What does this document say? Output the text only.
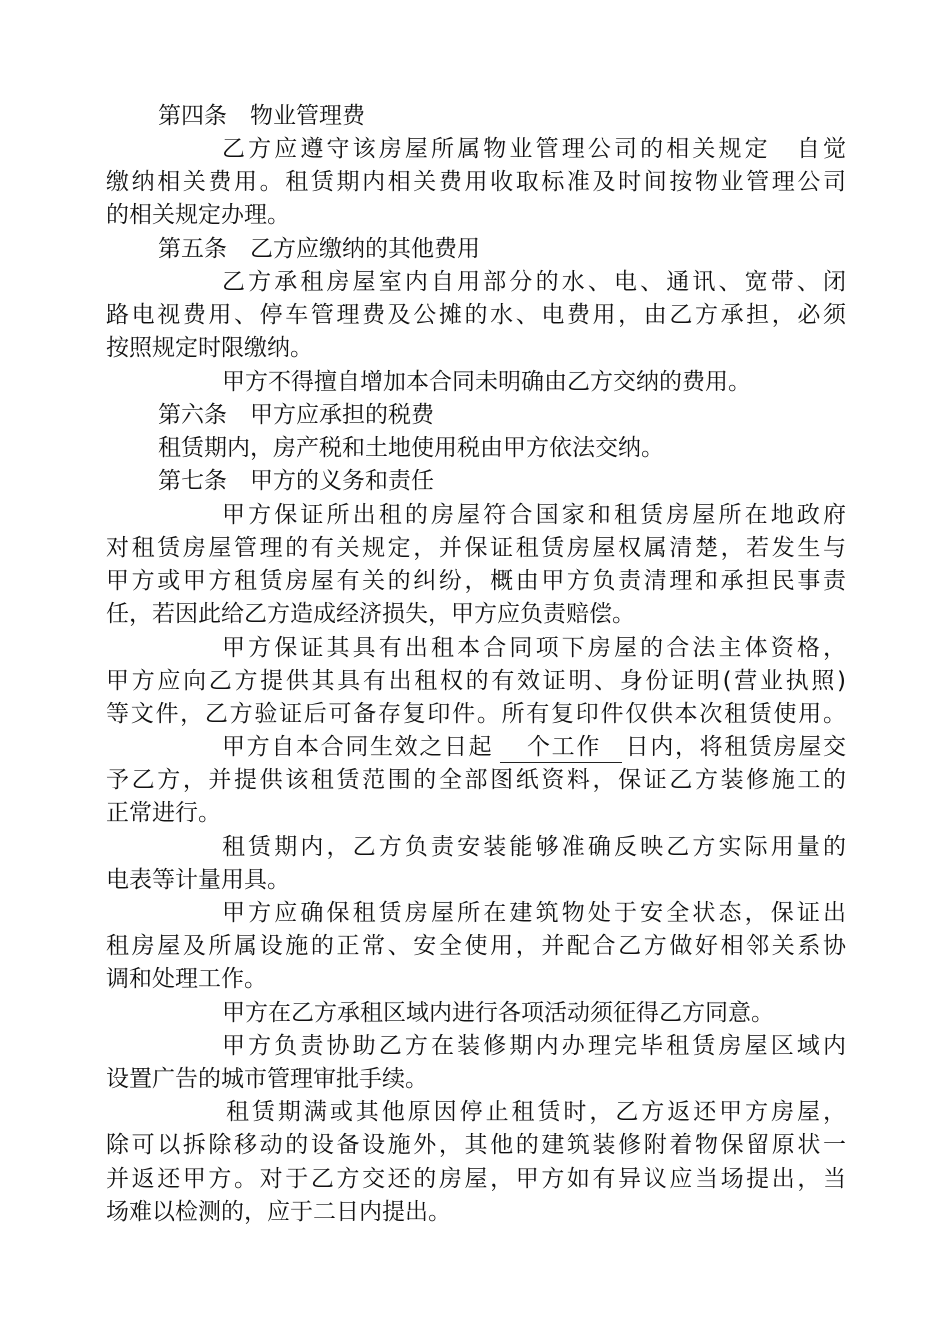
第四条　物业管理费
乙方应遵守该房屋所属物业管理公司的相关规定　自觉
缴纳相关费用。租赁期内相关费用收取标准及时间按物业管理公司
的相关规定办理。
第五条　乙方应缴纳的其他费用
乙方承租房屋室内自用部分的水、电、通讯、宽带、闭
路电视费用、停车管理费及公摊的水、电费用，由乙方承担，必须
按照规定时限缴纳。
甲方不得擅自增加本合同未明确由乙方交纳的费用。
第六条　甲方应承担的税费
租赁期内，房产税和土地使用税由甲方依法交纳。
第七条　甲方的义务和责任
甲方保证所出租的房屋符合国家和租赁房屋所在地政府
对租赁房屋管理的有关规定，并保证租赁房屋权属清楚，若发生与
甲方或甲方租赁房屋有关的纠纷，概由甲方负责清理和承担民事责
任，若因此给乙方造成经济损失，甲方应负责赔偿。
甲方保证其具有出租本合同项下房屋的合法主体资格，
甲方应向乙方提供其具有出租权的有效证明、身份证明(营业执照)
等文件，乙方验证后可备存复印件。所有复印件仅供本次租赁使用。
甲方自本合同生效之日起　 个工作　日内，将租赁房屋交
予乙方，并提供该租赁范围的全部图纸资料，保证乙方装修施工的
正常进行。
租赁期内，乙方负责安装能够准确反映乙方实际用量的
电表等计量用具。
甲方应确保租赁房屋所在建筑物处于安全状态，保证出
租房屋及所属设施的正常、安全使用，并配合乙方做好相邻关系协
调和处理工作。
甲方在乙方承租区域内进行各项活动须征得乙方同意。
甲方负责协助乙方在装修期内办理完毕租赁房屋区域内
设置广告的城市管理审批手续。
租赁期满或其他原因停止租赁时，乙方返还甲方房屋，
除可以拆除移动的设备设施外，其他的建筑装修附着物保留原状一
并返还甲方。对于乙方交还的房屋，甲方如有异议应当场提出，当
场难以检测的，应于二日内提出。
